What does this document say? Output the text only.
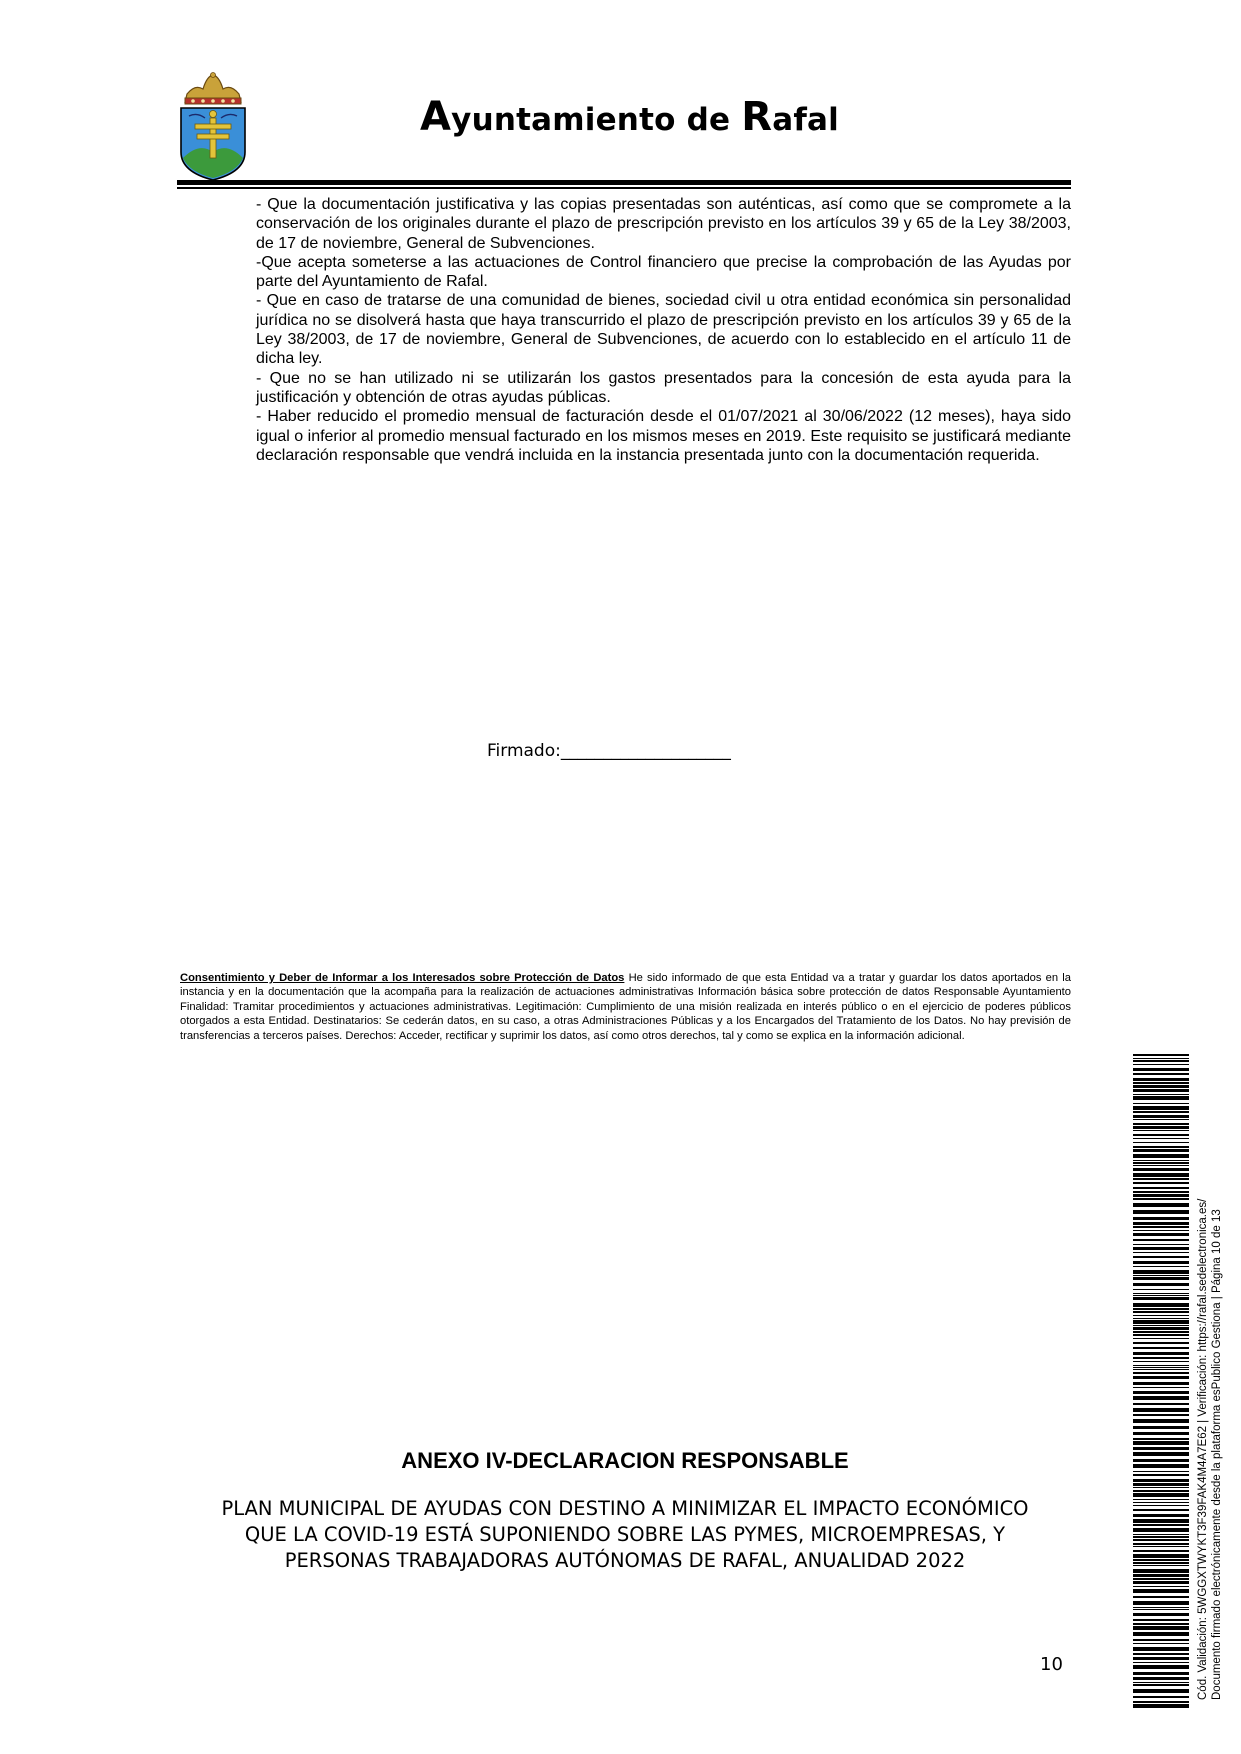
Ayuntamiento de Rafal

- Que la documentación justificativa y las copias presentadas son auténticas, así como que se compromete a la conservación de los originales durante el plazo de prescripción previsto en los artículos 39 y 65 de la Ley 38/2003, de 17 de noviembre, General de Subvenciones.

-Que acepta someterse a las actuaciones de Control financiero que precise la comprobación de las Ayudas por parte del Ayuntamiento de Rafal.

- Que en caso de tratarse de una comunidad de bienes, sociedad civil u otra entidad económica sin personalidad jurídica no se disolverá hasta que haya transcurrido el plazo de prescripción previsto en los artículos 39 y 65 de la Ley 38/2003, de 17 de noviembre, General de Subvenciones, de acuerdo con lo establecido en el artículo 11 de dicha ley.

- Que no se han utilizado ni se utilizarán los gastos presentados para la concesión de esta ayuda para la justificación y obtención de otras ayudas públicas.

- Haber reducido el promedio mensual de facturación desde el 01/07/2021 al 30/06/2022 (12 meses), haya sido igual o inferior al promedio mensual facturado en los mismos meses en 2019. Este requisito se justificará mediante declaración responsable que vendrá incluida en la instancia presentada junto con la documentación requerida.

Firmado:____________________
Consentimiento y Deber de Informar a los Interesados sobre Protección de Datos He sido informado de que esta Entidad va a tratar y guardar los datos aportados en la instancia y en la documentación que la acompaña para la realización de actuaciones administrativas Información básica sobre protección de datos Responsable Ayuntamiento Finalidad: Tramitar procedimientos y actuaciones administrativas. Legitimación: Cumplimiento de una misión realizada en interés público o en el ejercicio de poderes públicos otorgados a esta Entidad. Destinatarios: Se cederán datos, en su caso, a otras Administraciones Públicas y a los Encargados del Tratamiento de los Datos. No hay previsión de transferencias a terceros países. Derechos: Acceder, rectificar y suprimir los datos, así como otros derechos, tal y como se explica en la información adicional.
ANEXO IV-DECLARACION RESPONSABLE
PLAN MUNICIPAL DE AYUDAS CON DESTINO A MINIMIZAR EL IMPACTO ECONÓMICO
QUE LA COVID-19 ESTÁ SUPONIENDO SOBRE LAS PYMES, MICROEMPRESAS, Y
PERSONAS TRABAJADORAS AUTÓNOMAS DE RAFAL, ANUALIDAD 2022
10	Cód. Validación: 5WGGXTWYKT3F39FAK4M4A7E62 | Verificación: https://rafal.sedelectronica.es/ Documento firmado electrónicamente desde la plataforma esPublico Gestiona | Página 10 de 13
